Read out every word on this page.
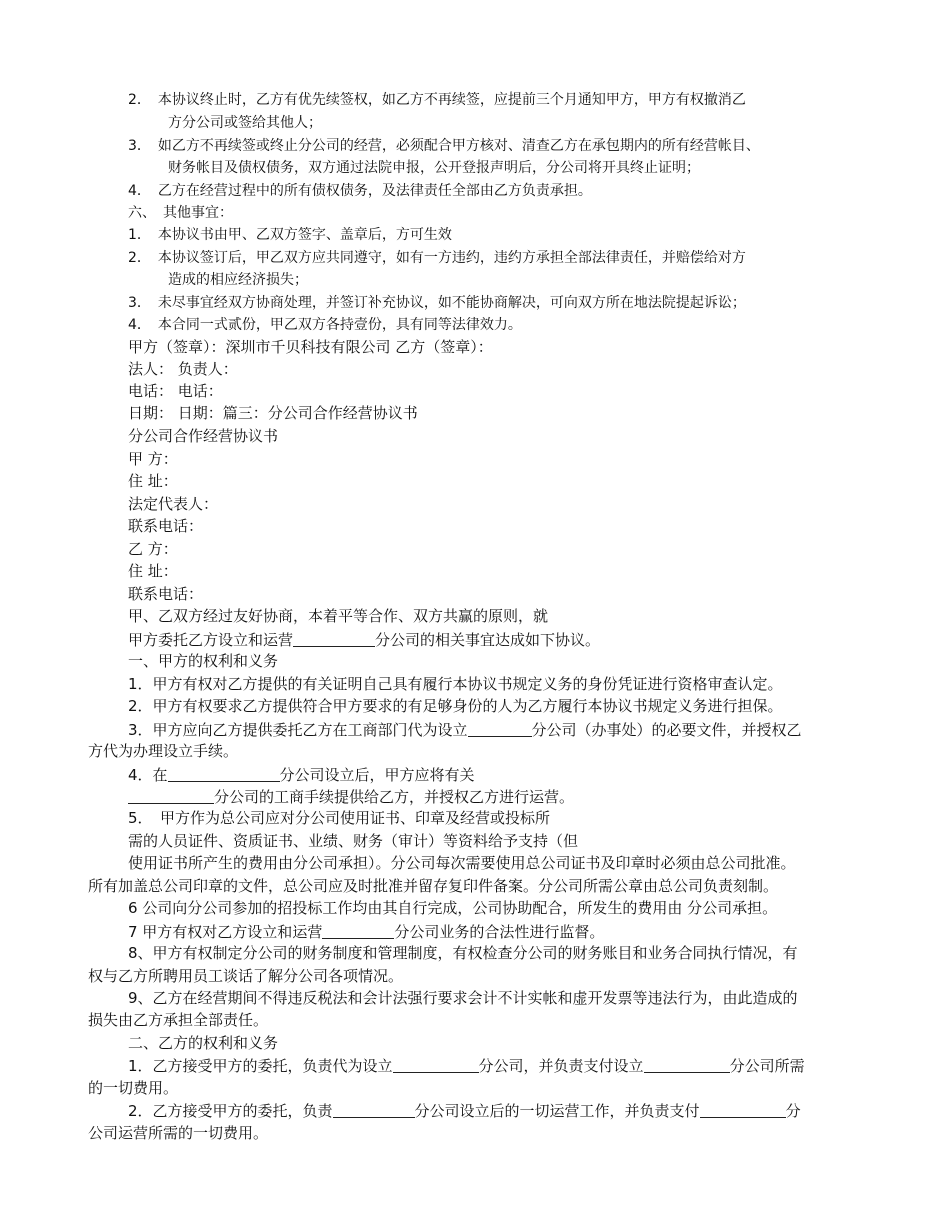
2．　本协议终止时，乙方有优先续签权，如乙方不再续签，应提前三个月通知甲方，甲方有权撤消乙
方分公司或签给其他人；
3．　如乙方不再续签或终止分公司的经营，必须配合甲方核对、清查乙方在承包期内的所有经营帐目、
财务帐目及债权债务，双方通过法院申报，公开登报声明后，分公司将开具终止证明；
4．　乙方在经营过程中的所有债权债务，及法律责任全部由乙方负责承担。
六、　其他事宜：
1．　本协议书由甲、乙双方签字、盖章后，方可生效
2．　本协议签订后，甲乙双方应共同遵守，如有一方违约，违约方承担全部法律责任，并赔偿给对方
造成的相应经济损失；
3．　未尽事宜经双方协商处理，并签订补充协议，如不能协商解决，可向双方所在地法院提起诉讼；
4．　本合同一式贰份，甲乙双方各持壹份，具有同等法律效力。
甲方（签章）：深圳市千贝科技有限公司 乙方（签章）：
法人： 负责人：
电话： 电话：
日期： 日期：篇三：分公司合作经营协议书
分公司合作经营协议书
甲 方：
住 址：
法定代表人：
联系电话：
乙 方：
住 址：
联系电话：
甲、乙双方经过友好协商，本着平等合作、双方共赢的原则，就
甲方委托乙方设立和运营	分公司的相关事宜达成如下协议。
一、甲方的权利和义务
1．甲方有权对乙方提供的有关证明自己具有履行本协议书规定义务的身份凭证进行资格审查认定。
2．甲方有权要求乙方提供符合甲方要求的有足够身份的人为乙方履行本协议书规定义务进行担保。
3．甲方应向乙方提供委托乙方在工商部门代为设立	分公司（办事处）的必要文件，并授权乙
方代为办理设立手续。
4．在	分公司设立后，甲方应将有关
分公司的工商手续提供给乙方，并授权乙方进行运营。
5．　甲方作为总公司应对分公司使用证书、印章及经营或投标所
需的人员证件、资质证书、业绩、财务（审计）等资料给予支持（但
使用证书所产生的费用由分公司承担）。分公司每次需要使用总公司证书及印章时必须由总公司批准。
所有加盖总公司印章的文件，总公司应及时批准并留存复印件备案。分公司所需公章由总公司负责刻制。
6 公司向分公司参加的招投标工作均由其自行完成，公司协助配合，所发生的费用由 分公司承担。
7 甲方有权对乙方设立和运营	分公司业务的合法性进行监督。
8、甲方有权制定分公司的财务制度和管理制度，有权检查分公司的财务账目和业务合同执行情况，有
权与乙方所聘用员工谈话了解分公司各项情况。
9、乙方在经营期间不得违反税法和会计法强行要求会计不计实帐和虚开发票等违法行为，由此造成的
损失由乙方承担全部责任。
二、乙方的权利和义务
1．乙方接受甲方的委托，负责代为设立	分公司，并负责支付设立	分公司所需
的一切费用。
2．乙方接受甲方的委托，负责	分公司设立后的一切运营工作，并负责支付	分
公司运营所需的一切费用。
